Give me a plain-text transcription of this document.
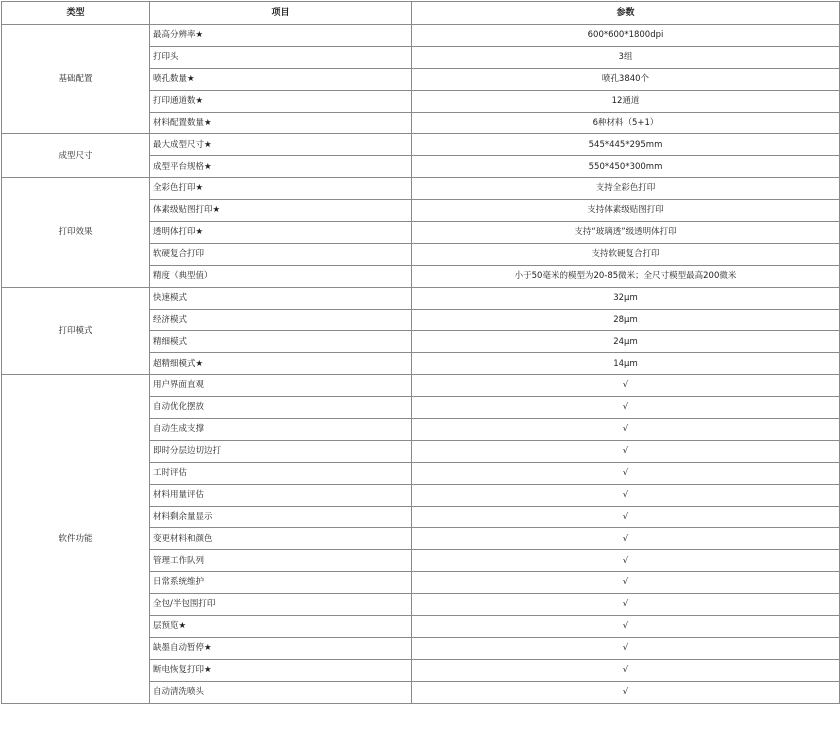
类型	项目	参数
基础配置	最高分辨率★	600*600*1800dpi
	打印头	3组
	喷孔数量★	喷孔3840个
	打印通道数★	12通道
	材料配置数量★	6种材料（5+1）
成型尺寸	最大成型尺寸★	545*445*295mm
	成型平台规格★	550*450*300mm
打印效果	全彩色打印★	支持全彩色打印
	体素级贴图打印★	支持体素级贴图打印
	透明体打印★	支持“玻璃透”级透明体打印
	软硬复合打印	支持软硬复合打印
	精度（典型值）	小于50毫米的模型为20-85微米；全尺寸模型最高200微米
打印模式	快速模式	32μm
	经济模式	28μm
	精细模式	24μm
	超精细模式★	14μm
软件功能	用户界面直观	√
	自动优化摆放	√
	自动生成支撑	√
	即时分层边切边打	√
	工时评估	√
	材料用量评估	√
	材料剩余量显示	√
	变更材料和颜色	√
	管理工作队列	√
	日常系统维护	√
	全包/半包围打印	√
	层预览★	√
	缺墨自动暂停★	√
	断电恢复打印★	√
	自动清洗喷头	√
